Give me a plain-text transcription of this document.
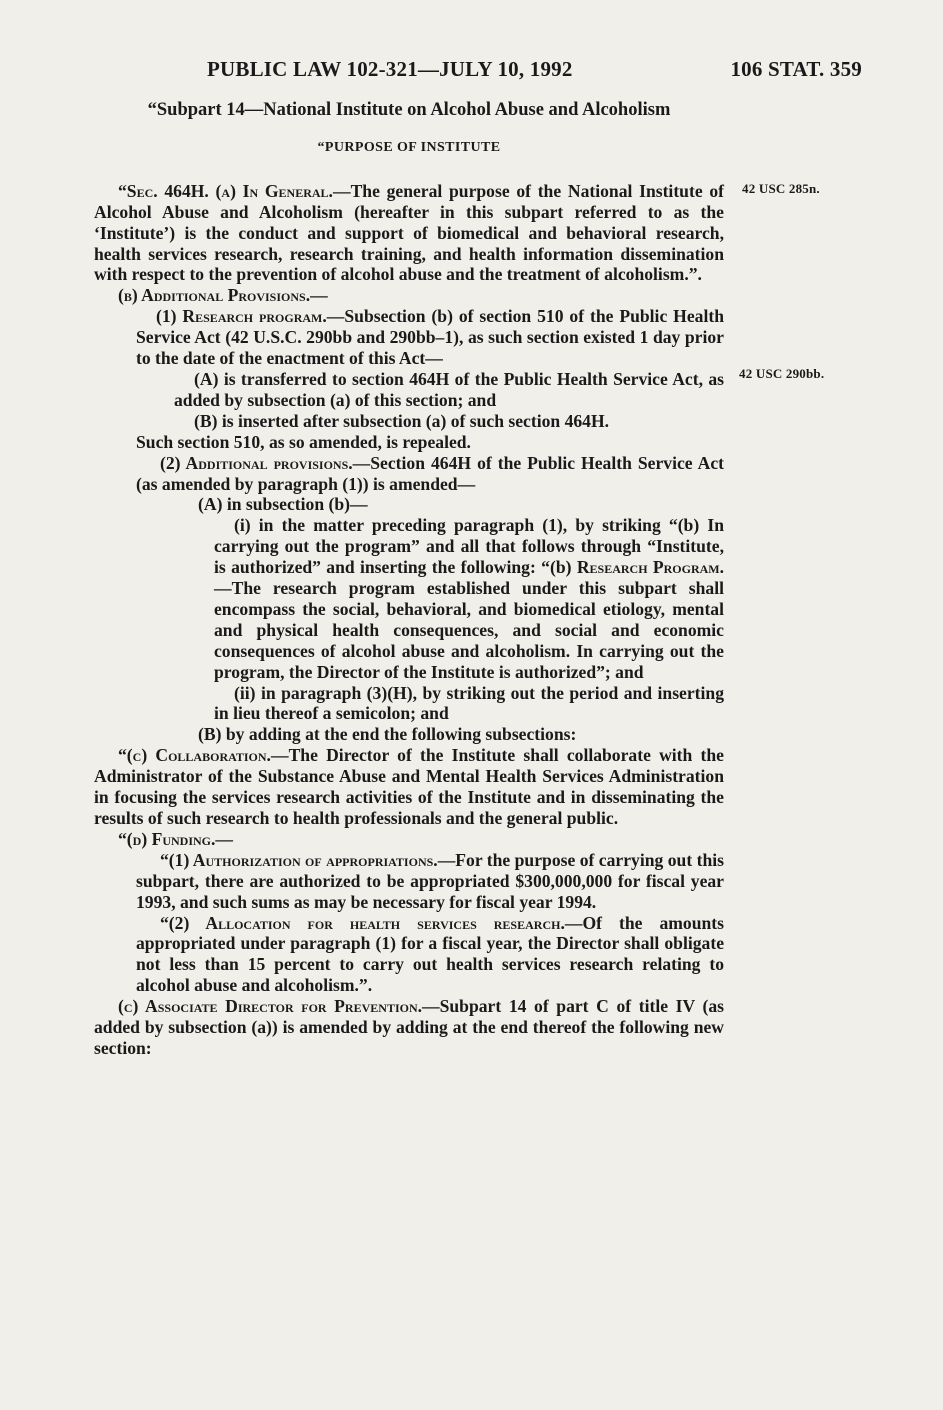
PUBLIC LAW 102-321—JULY 10, 1992	106 STAT. 359
42 USC 285n.
42 USC 290bb.

“Subpart 14—National Institute on Alcohol Abuse and Alcoholism

“PURPOSE OF INSTITUTE

“Sec. 464H. (a) In General.—The general purpose of the National Institute of Alcohol Abuse and Alcoholism (hereafter in this subpart referred to as the ‘Institute’) is the conduct and support of biomedical and behavioral research, health services research, research training, and health information dissemination with respect to the prevention of alcohol abuse and the treatment of alcoholism.”.

(b) Additional Provisions.—

(1) Research program.—Subsection (b) of section 510 of the Public Health Service Act (42 U.S.C. 290bb and 290bb–1), as such section existed 1 day prior to the date of the enactment of this Act—

(A) is transferred to section 464H of the Public Health Service Act, as added by subsection (a) of this section; and

(B) is inserted after subsection (a) of such section 464H.

Such section 510, as so amended, is repealed.

(2) Additional provisions.—Section 464H of the Public Health Service Act (as amended by paragraph (1)) is amended—

(A) in subsection (b)—

(i) in the matter preceding paragraph (1), by striking “(b) In carrying out the program” and all that follows through “Institute, is authorized” and inserting the following: “(b) Research Program.—The research program established under this subpart shall encompass the social, behavioral, and biomedical etiology, mental and physical health consequences, and social and economic consequences of alcohol abuse and alcoholism. In carrying out the program, the Director of the Institute is authorized”; and

(ii) in paragraph (3)(H), by striking out the period and inserting in lieu thereof a semicolon; and

(B) by adding at the end the following subsections:

“(c) Collaboration.—The Director of the Institute shall collaborate with the Administrator of the Substance Abuse and Mental Health Services Administration in focusing the services research activities of the Institute and in disseminating the results of such research to health professionals and the general public.

“(d) Funding.—

“(1) Authorization of appropriations.—For the purpose of carrying out this subpart, there are authorized to be appropriated $300,000,000 for fiscal year 1993, and such sums as may be necessary for fiscal year 1994.

“(2) Allocation for health services research.—Of the amounts appropriated under paragraph (1) for a fiscal year, the Director shall obligate not less than 15 percent to carry out health services research relating to alcohol abuse and alcoholism.”.

(c) Associate Director for Prevention.—Subpart 14 of part C of title IV (as added by subsection (a)) is amended by adding at the end thereof the following new section:
